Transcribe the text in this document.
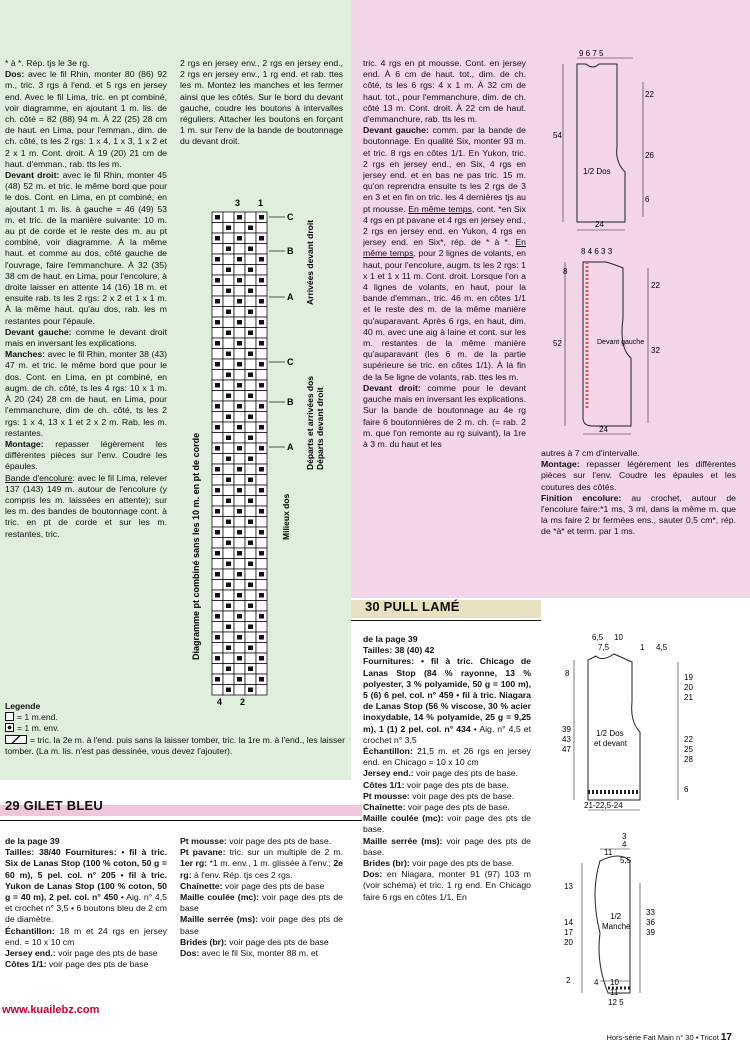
* à *. Rép. tjs le 3e rg.

Dos: avec le fil Rhin, monter 80 (86) 92 m., tric. 3 rgs à l'end. et 5 rgs en jersey end. Avec le fil Lima, tric. en pt combiné, voir diagramme, en ajoutant 1 m. lis. de ch. côté = 82 (88) 94 m. À 22 (25) 28 cm de haut. en Lima, pour l'emman., dim. de ch. côté, ts les 2 rgs: 1 x 4, 1 x 3, 1 x 2 et 2 x 1 m. Cont. droit. À 19 (20) 21 cm de haut. d'emman., rab. tts les m.

Devant droit: avec le fil Rhin, monter 45 (48) 52 m. et tric. le même bord que pour le dos. Cont. en Lima, en pt combiné, en ajoutant 1 m. lis. à gauche = 46 (49) 53 m. et tric. de la manière suivante: 10 m. au pt de corde et le reste des m. au pt combiné, voir diagramme. À la même haut. et comme au dos, côté gauche de l'ouvrage, faire l'emmanchure. À 32 (35) 38 cm de haut. en Lima, pour l'encolure, à droite laisser en attente 14 (16) 18 m. et ensuite rab. ts les 2 rgs: 2 x 2 et 1 x 1 m. À la même haut. qu'au dos, rab. les m restantes pour l'épaule.

Devant gauche: comme le devant droit mais en inversant les explications.

Manches: avec le fil Rhin, monter 38 (43) 47 m. et tric. le même bord que pour le dos. Cont. en Lima, en pt combiné, en augm. de ch. côté, ts les 4 rgs: 10 x 1 m. À 20 (24) 28 cm de haut. en Lima, pour l'emmanchure, dim de ch. côté, ts les 2 rgs: 1 x 4, 13 x 1 et 2 x 2 m. Rab. les m. restantes.

Montage: repasser légèrement les différentes pièces sur l'env. Coudre les épaules.

Bande d'encolure: avec le fil Lima, relever 137 (143) 149 m. autour de l'encolure (y compris les m. laissées en attente); sur les m. des bandes de boutonnage cont. à tric. en pt de corde et sur les m. restantes, tric.

2 rgs en jersey env., 2 rgs en jersey end., 2 rgs en jersey env., 1 rg end. et rab. ttes les m. Montez les manches et les fermer ainsi que les côtés. Sur le bord du devant gauche, coudre les boutons à intervalles réguliers. Attacher les boutons en forçant 1 m. sur l'env de la bande de boutonnage du devant droit.

tric. 4 rgs en pt mousse. Cont. en jersey end. À 6 cm de haut. tot., dim. de ch. côté, ts les 6 rgs: 4 x 1 m. À 32 cm de haut. tot., pour l'emmanchure, dim. de ch. côté 13 m. Cont. droit. À 22 cm de haut. d'emmanchure, rab. tts les m.

Devant gauche: comm. par la bande de boutonnage. En qualité Six, monter 93 m. et tric. 8 rgs en côtes 1/1. En Yukon, tric. 2 rgs en jersey end., en Six, 4 rgs en jersey end. et en bas ne pas tric. 15 m. qu'on reprendra ensuite ts les 2 rgs de 3 en 3 et en fin on tric. les 4 dernières tjs au pt mousse. En même temps, cont. *en Six 4 rgs en pt pavane et 4 rgs en jersey end., 2 rgs en jersey end. en Yukon, 4 rgs en jersey end. en Six*, rép. de * à *. En même temps, pour 2 lignes de volants, en haut, pour l'encolure, augm. ts les 2 rgs: 1 x 1 et 1 x 11 m. Cont. droit. Lorsque l'on a 4 lignes de volants, en haut, pour la bande d'emman., tric. 46 m. en côtes 1/1 et le reste des m. de la même manière qu'auparavant. Après 6 rgs, en haut, dim. 40 m. avec une aig à laine et cont. sur les m. restantes de la même manière qu'auparavant (les 6 m. de la partie supérieure se tric. en côtes 1/1). À la fin de la 5e ligne de volants, rab. ttes les m.

Devant droit: comme pour le devant gauche mais en inversant les explications. Sur la bande de boutonnage au 4e rg faire 6 boutonnières de 2 m. ch. (= rab. 2 m. que l'on remonte au rg suivant), la 1re à 3 m. du haut et les

autres à 7 cm d'intervalle.

Montage: repasser légèrement les différentes pièces sur l'env. Coudre les épaules et les coutures des côtés.

Finition encolure: au crochet, autour de l'encolure faire:*1 ms, 3 ml, dans la même m. que la ms faire 2 br fermées ens., sauter 0,5 cm*, rép. de *à* et term. par 1 ms.

Diagramme pt combiné sans les 10 m. en pt de corde
Arrivées devant droit
Départs et arrivées dos Départs devant droit
Milieux dos
C
B
A
C
B
A
3 1
4 2
Legende
= 1 m.end.
= 1 m. env.
= tric. la 2e m. à l'end. puis sans la laisser tomber, tric. la 1re m. à l'end., les laisser tomber. (La m. lis. n'est pas dessinée, vous devez l'ajouter).
29 GILET BLEU

de la page 39

Tailles: 38/40 Fournitures: • fil à tric. Six de Lanas Stop (100 % coton, 50 g = 60 m), 5 pel. col. n° 205 • fil à tric. Yukon de Lanas Stop (100 % coton, 50 g = 40 m), 2 pel. col. n° 450 • Aig. n° 4,5 et crochet n° 3,5 • 6 boutons bleu de 2 cm de diamètre.

Échantillon: 18 m et 24 rgs en jersey end. = 10 x 10 cm

Jersey end.: voir page des pts de base

Côtes 1/1: voir page des pts de base

Pt mousse: voir page des pts de base.

Pt pavane: tric. sur un multiple de 2 m. 1er rg: *1 m. env., 1 m. glissée à l'env.; 2e rg: à l'env. Rép. tjs ces 2 rgs.

Chaînette: voir page des pts de base

Maille coulée (mc): voir page des pts de base

Maille serrée (ms): voir page des pts de base

Brides (br): voir page des pts de base

Dos: avec le fil Six, monter 88 m. et

30 PULL LAMÉ

de la page 39

Tailles: 38 (40) 42

Fournitures: • fil à tric. Chicago de Lanas Stop (84 % rayonne, 13 % polyester, 3 % polyamide, 50 g = 100 m), 5 (6) 6 pel. col. n° 459 • fil à tric. Niagara de Lanas Stop (56 % viscose, 30 % acier inoxydable, 14 % polyamide, 25 g = 9,25 m), 1 (1) 2 pel. col. n° 434 • Aig. n° 4,5 et crochet n° 3,5

Échantillon: 21,5 m. et 26 rgs en jersey end. en Chicago = 10 x 10 cm

Jersey end.: voir page des pts de base.

Côtes 1/1: voir page des pts de base.

Pt mousse: voir page des pts de base.

Chaînette: voir page des pts de base.

Maille coulée (mc): voir page des pts de base.

Maille serrée (ms): voir page des pts de base.

Brides (br): voir page des pts de base.

Dos: en Niagara, monter 91 (97) 103 m (voir schéma) et tric. 1 rg end. En Chicago faire 6 rgs en côtes 1/1. En

9 6 7 5
1/2 Dos
54
22
26
6
24
8 4 6 3 3
Devant gauche
52
22
32
8
24
6,5 10
7,5	1 4,5
1/2 Dos
et devant
8
39
43
47
19
20
21
22
25
28
6
21-22,5-24
3
4
5,5
11
1/2
Manche
13
14
17
20
2
33
36
39
4 10
11
12 5
Hors-série Fait Main n° 30 • Tricot 17
www.kuailebz.com
